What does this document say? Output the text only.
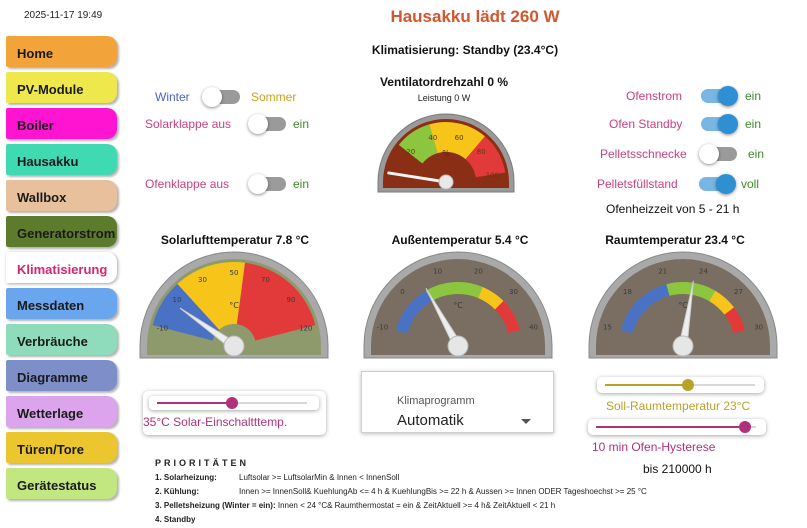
2025-11-17 19:49	Hausakku lädt 260 W
Klimatisierung: Standby (23.4°C)
Home
PV-Module
Boiler
Hausakku
Wallbox
Generatorstrom
Klimatisierung
Messdaten
Verbräuche
Diagramme
Wetterlage
Türen/Tore
Gerätestatus
Winter	Sommer
Solarklappe aus	ein
Ofenklappe aus	ein
Ofenstrom	ein
Ofen Standby	ein
Pelletsschnecke	ein
Pelletsfüllstand	voll
Ofenheizzeit von 5 - 21 h
Ventilatordrehzahl 0 %
Leistung 0 W
20
40 60
80
100
%
Solarlufttemperatur 7.8 °C	Außentemperatur 5.4 °C	Raumtemperatur 23.4 °C
-10
10
30
50
70
90
120
°C
-10
0
10	20
30
40
°C
15
18
21	24
27
30
°C
35°C Solar-Einschaltttemp.
Klimaprogramm
Automatik
Soll-Raumtemperatur 23°C
10 min Ofen-Hysterese
bis 210000 h
PRIORITÄTEN
1. Solarheizung:	Luftsolar >= LuftsolarMin & Innen < InnenSoll
2. Kühlung:	Innen >= InnenSoll& KuehlungAb <= 4 h & KuehlungBis >= 22 h & Aussen >= Innen ODER Tageshoechst >= 25 °C
3. Pelletsheizung (Winter = ein): Innen < 24 °C& Raumthermostat = ein & ZeitAktuell >= 4 h& ZeitAktuell < 21 h
4. Standby
